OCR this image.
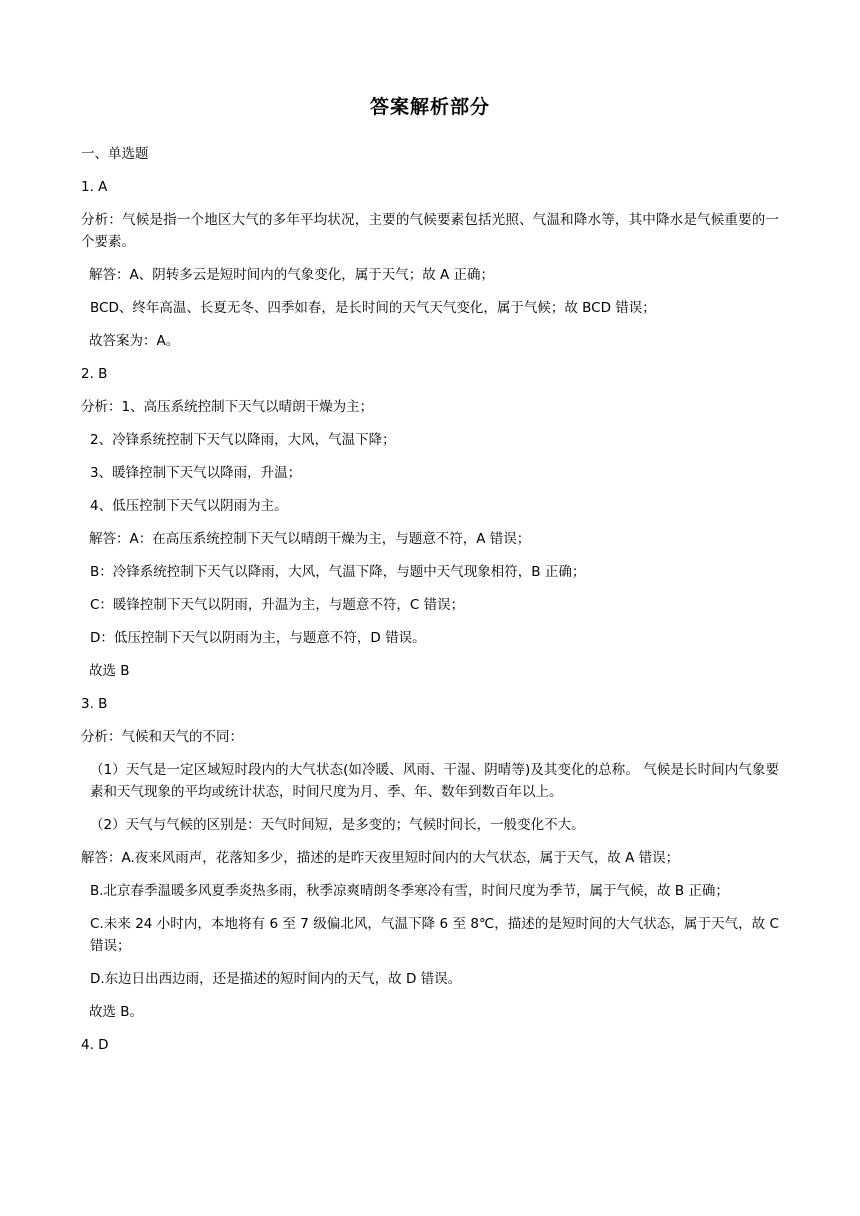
答案解析部分
一、单选题
1. A
分析：气候是指一个地区大气的多年平均状况，主要的气候要素包括光照、气温和降水等，其中降水是气候重要的一个要素。
解答：A、阴转多云是短时间内的气象变化，属于天气；故 A 正确；
BCD、终年高温、长夏无冬、四季如春，是长时间的天气天气变化，属于气候；故 BCD 错误；
故答案为：A。
2. B
分析：1、高压系统控制下天气以晴朗干燥为主；
2、冷锋系统控制下天气以降雨，大风，气温下降；
3、暖锋控制下天气以降雨，升温；
4、低压控制下天气以阴雨为主。
解答：A：在高压系统控制下天气以晴朗干燥为主，与题意不符，A 错误；
B：冷锋系统控制下天气以降雨，大风，气温下降，与题中天气现象相符，B 正确；
C：暖锋控制下天气以阴雨，升温为主，与题意不符，C 错误；
D：低压控制下天气以阴雨为主，与题意不符，D 错误。
故选 B
3. B
分析：气候和天气的不同：
（1）天气是一定区域短时段内的大气状态(如冷暖、风雨、干湿、阴晴等)及其变化的总称。 气候是长时间内气象要素和天气现象的平均或统计状态，时间尺度为月、季、年、数年到数百年以上。
（2）天气与气候的区别是：天气时间短，是多变的；气候时间长，一般变化不大。
解答：A.夜来风雨声，花落知多少，描述的是昨天夜里短时间内的大气状态，属于天气，故 A 错误；
B.北京春季温暖多风夏季炎热多雨，秋季凉爽晴朗冬季寒冷有雪，时间尺度为季节，属于气候，故 B 正确；
C.未来 24 小时内，本地将有 6 至 7 级偏北风，气温下降 6 至 8℃，描述的是短时间的大气状态，属于天气，故 C 错误；
D.东边日出西边雨，还是描述的短时间内的天气，故 D 错误。
故选 B。
4. D
